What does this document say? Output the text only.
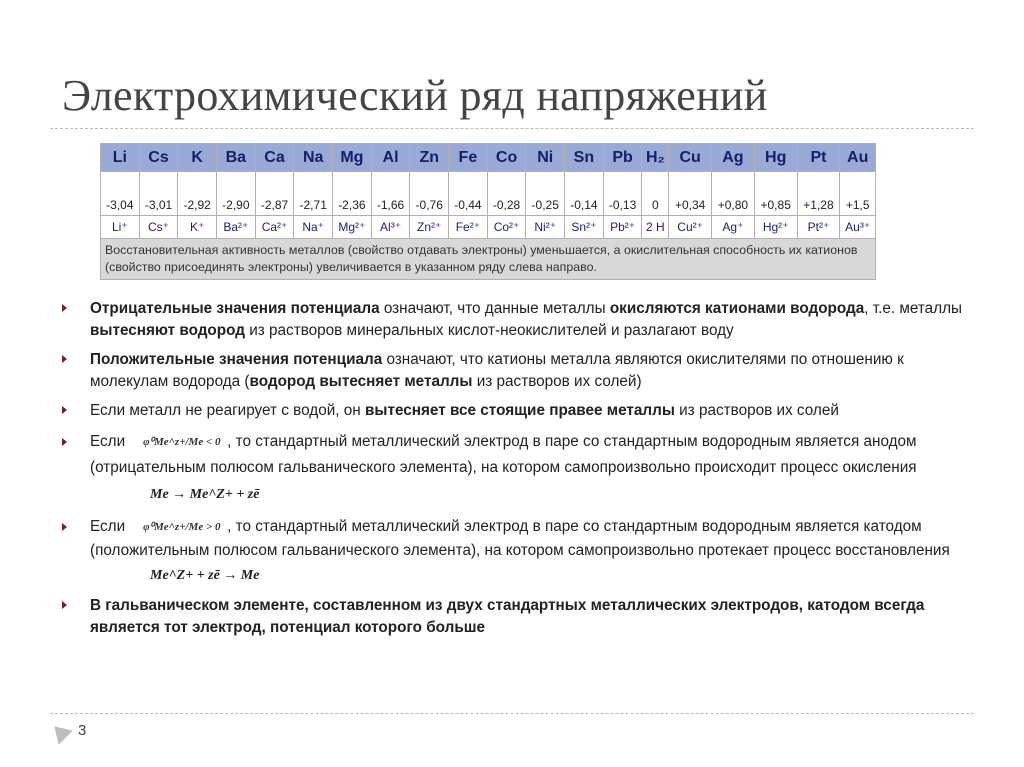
Электрохимический ряд напряжений
Li	Cs	K	Ba	Ca	Na	Mg	Al	Zn	Fe	Co	Ni	Sn	Pb	H₂	Cu	Ag	Hg	Pt	Au
-3,04	-3,01	-2,92	-2,90	-2,87	-2,71	-2,36	-1,66	-0,76	-0,44	-0,28	-0,25	-0,14	-0,13	0	+0,34	+0,80	+0,85	+1,28	+1,5
Li⁺	Cs⁺	K⁺	Ba²⁺	Ca²⁺	Na⁺	Mg²⁺	Al³⁺	Zn²⁺	Fe²⁺	Co²⁺	Ni²⁺	Sn²⁺	Pb²⁺	2 H	Cu²⁺	Ag⁺	Hg²⁺	Pt²⁺	Au³⁺
Восстановительная активность металлов (свойство отдавать электроны) уменьшается, а окислительная способность их катионов (свойство присоединять электроны) увеличивается в указанном ряду слева направо.																			
Отрицательные значения потенциала означают, что данные металлы окисляются катионами водорода, т.е. металлы вытесняют водород из растворов минеральных кислот-неокислителей и разлагают воду
Положительные значения потенциала означают, что катионы металла являются окислителями по отношению к молекулам водорода (водород вытесняет металлы из растворов их солей)
Если металл не реагирует с водой, он вытесняет все стоящие правее металлы из растворов их солей
Если φ⁰Me^z+/Me < 0 , то стандартный металлический электрод в паре со стандартным водородным является анодом (отрицательным полюсом гальванического элемента), на котором самопроизвольно происходит процесс окисленияMe → Me^Z+ + zē
Если φ⁰Me^z+/Me > 0 , то стандартный металлический электрод в паре со стандартным водородным является катодом (положительным полюсом гальванического элемента), на котором самопроизвольно протекает процесс восстановленияMe^Z+ + zē → Me
В гальваническом элементе, составленном из двух стандартных металлических электродов, катодом всегда является тот электрод, потенциал которого больше
3
